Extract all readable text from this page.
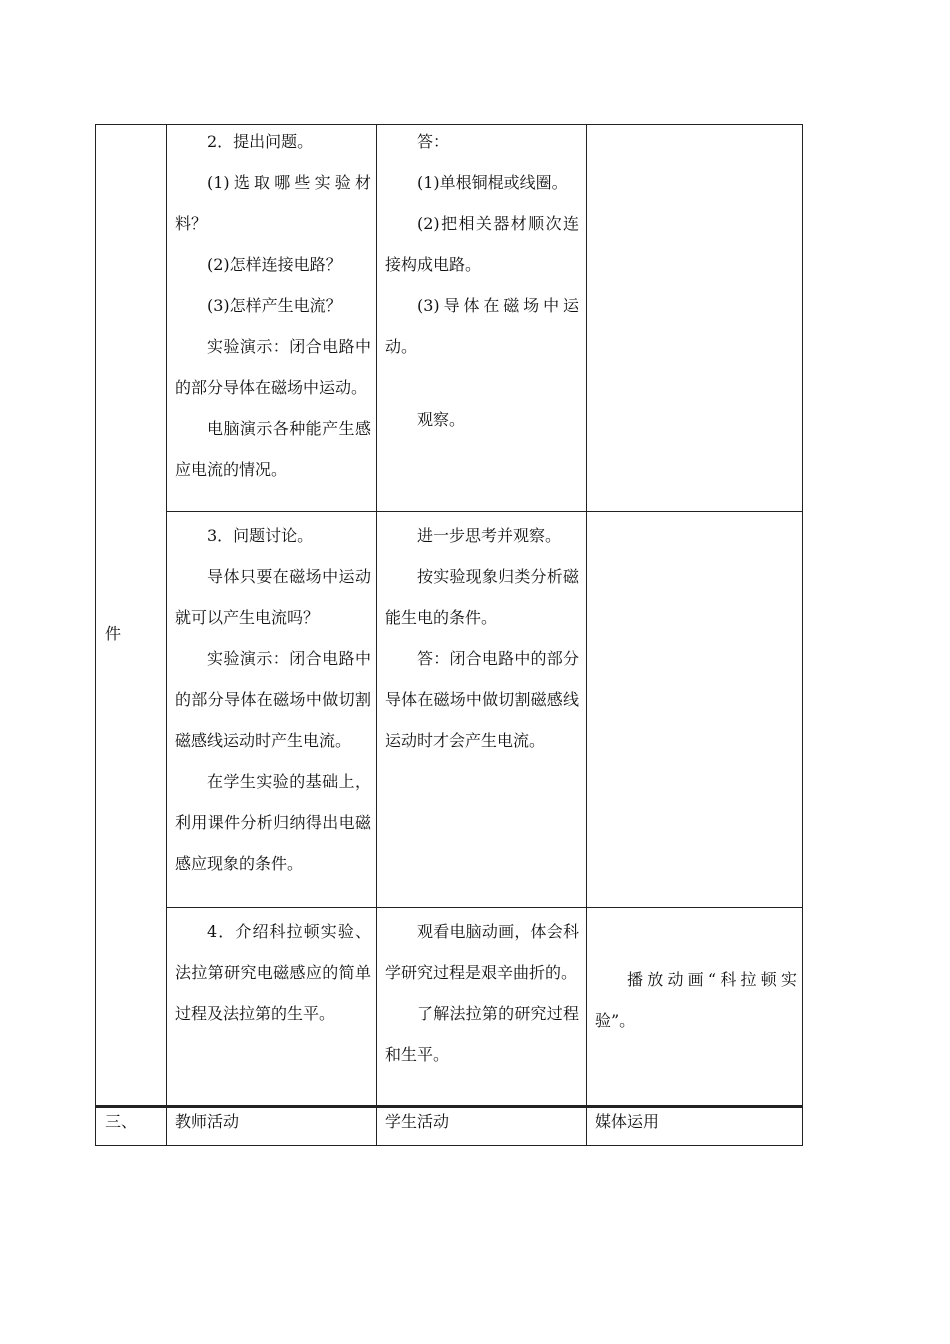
件

2．提出问题。

(1)选取哪些实验材料？

(2)怎样连接电路？

(3)怎样产生电流？

实验演示：闭合电路中的部分导体在磁场中运动。

电脑演示各种能产生感应电流的情况。

答：

(1)单根铜棍或线圈。

(2)把相关器材顺次连接构成电路。

(3)导体在磁场中运动。

观察。

3．问题讨论。

导体只要在磁场中运动就可以产生电流吗？

实验演示：闭合电路中的部分导体在磁场中做切割磁感线运动时产生电流。

在学生实验的基础上，利用课件分析归纳得出电磁感应现象的条件。

进一步思考并观察。

按实验现象归类分析磁能生电的条件。

答：闭合电路中的部分导体在磁场中做切割磁感线运动时才会产生电流。

4．介绍科拉顿实验、法拉第研究电磁感应的简单过程及法拉第的生平。

观看电脑动画，体会科学研究过程是艰辛曲折的。

了解法拉第的研究过程和生平。

播放动画“科拉顿实验”。

三、 教师活动	学生活动	媒体运用
